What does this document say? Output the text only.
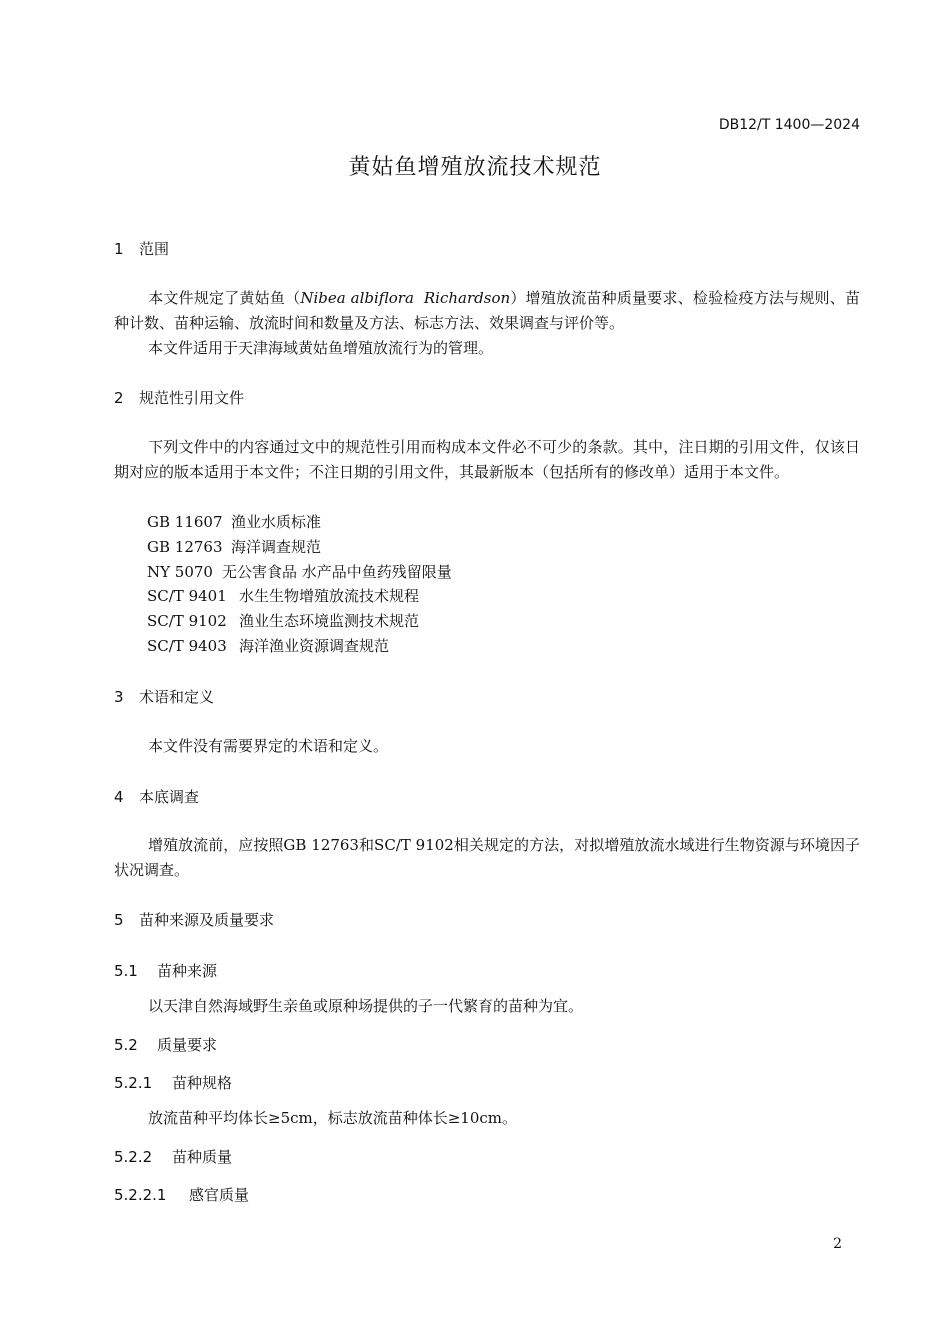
DB12/T 1400—2024
黄姑鱼增殖放流技术规范
1 范围
本文件规定了黄姑鱼（Nibea albiflora  Richardson）增殖放流苗种质量要求、检验检疫方法与规则、苗种计数、苗种运输、放流时间和数量及方法、标志方法、效果调查与评价等。
本文件适用于天津海域黄姑鱼增殖放流行为的管理。
2 规范性引用文件
下列文件中的内容通过文中的规范性引用而构成本文件必不可少的条款。其中，注日期的引用文件，仅该日期对应的版本适用于本文件；不注日期的引用文件，其最新版本（包括所有的修改单）适用于本文件。
GB 11607 渔业水质标准
GB 12763 海洋调查规范
NY 5070 无公害食品 水产品中鱼药残留限量
SC/T 9401 水生生物增殖放流技术规程
SC/T 9102 渔业生态环境监测技术规范
SC/T 9403 海洋渔业资源调查规范
3 术语和定义
本文件没有需要界定的术语和定义。
4 本底调查
增殖放流前，应按照GB 12763和SC/T 9102相关规定的方法，对拟增殖放流水域进行生物资源与环境因子状况调查。
5 苗种来源及质量要求
5.1 苗种来源
以天津自然海域野生亲鱼或原种场提供的子一代繁育的苗种为宜。
5.2 质量要求
5.2.1 苗种规格
放流苗种平均体长≥5cm，标志放流苗种体长≥10cm。
5.2.2 苗种质量
5.2.2.1 感官质量
2
